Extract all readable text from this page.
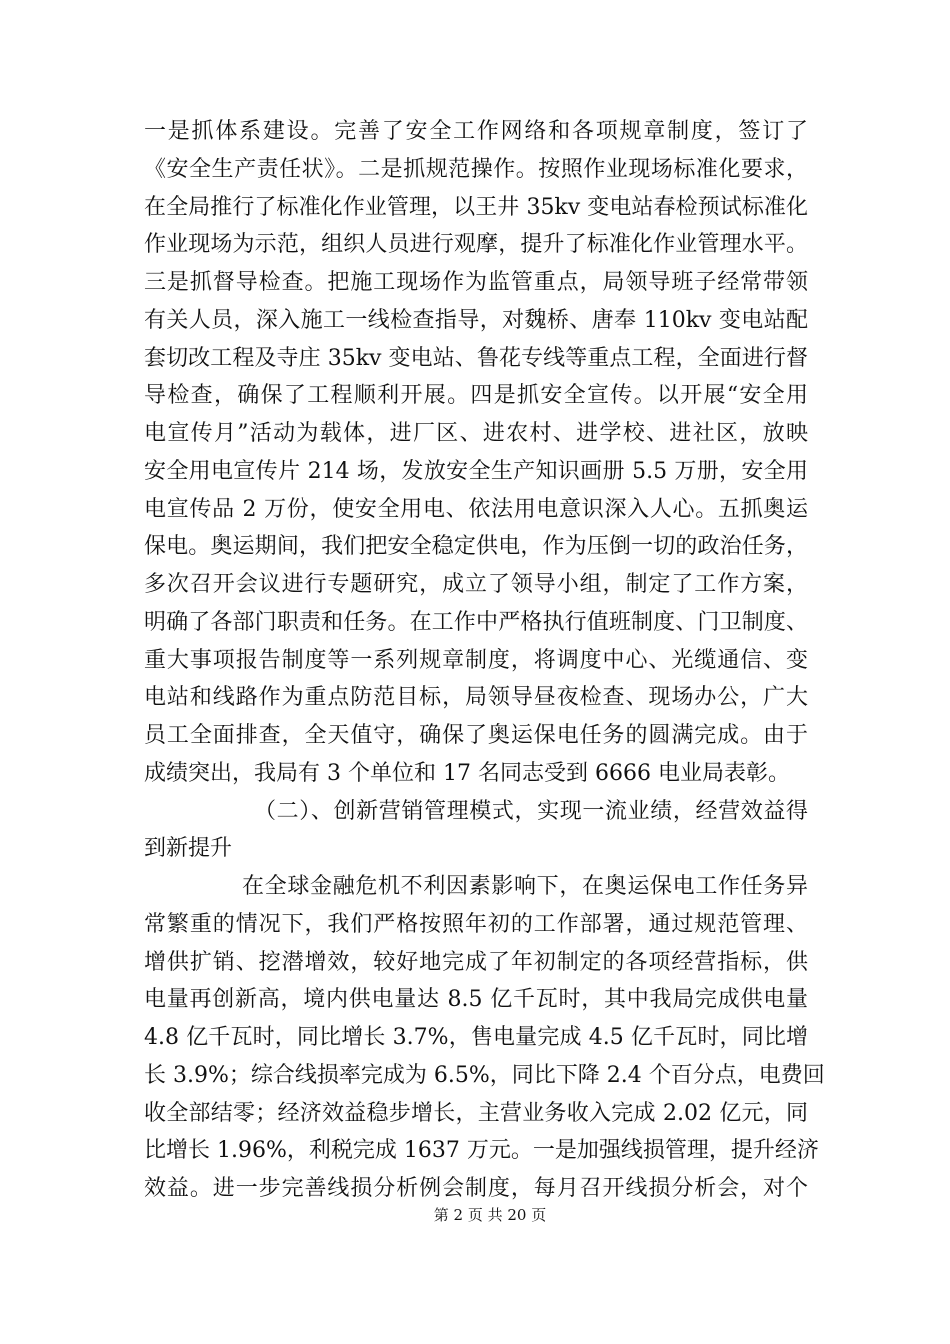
一是抓体系建设。完善了安全工作网络和各项规章制度，签订了
《安全生产责任状》。二是抓规范操作。按照作业现场标准化要求，
在全局推行了标准化作业管理，以王井 35kv 变电站春检预试标准化
作业现场为示范，组织人员进行观摩，提升了标准化作业管理水平。
三是抓督导检查。把施工现场作为监管重点，局领导班子经常带领
有关人员，深入施工一线检查指导，对魏桥、唐奉 110kv 变电站配
套切改工程及寺庄 35kv 变电站、鲁花专线等重点工程，全面进行督
导检查，确保了工程顺利开展。四是抓安全宣传。以开展“安全用
电宣传月”活动为载体，进厂区、进农村、进学校、进社区，放映
安全用电宣传片 214 场，发放安全生产知识画册 5.5 万册，安全用
电宣传品 2 万份，使安全用电、依法用电意识深入人心。五抓奥运
保电。奥运期间，我们把安全稳定供电，作为压倒一切的政治任务，
多次召开会议进行专题研究，成立了领导小组，制定了工作方案，
明确了各部门职责和任务。在工作中严格执行值班制度、门卫制度、
重大事项报告制度等一系列规章制度，将调度中心、光缆通信、变
电站和线路作为重点防范目标，局领导昼夜检查、现场办公，广大
员工全面排查，全天值守，确保了奥运保电任务的圆满完成。由于
成绩突出，我局有 3 个单位和 17 名同志受到 6666 电业局表彰。
（二）、创新营销管理模式，实现一流业绩，经营效益得
到新提升
在全球金融危机不利因素影响下，在奥运保电工作任务异
常繁重的情况下，我们严格按照年初的工作部署，通过规范管理、
增供扩销、挖潜增效，较好地完成了年初制定的各项经营指标，供
电量再创新高，境内供电量达 8.5 亿千瓦时，其中我局完成供电量
4.8 亿千瓦时，同比增长 3.7%，售电量完成 4.5 亿千瓦时，同比增
长 3.9%；综合线损率完成为 6.5%，同比下降 2.4 个百分点，电费回
收全部结零；经济效益稳步增长，主营业务收入完成 2.02 亿元，同
比增长 1.96%，利税完成 1637 万元。一是加强线损管理，提升经济
效益。进一步完善线损分析例会制度，每月召开线损分析会，对个
第 2 页 共 20 页
